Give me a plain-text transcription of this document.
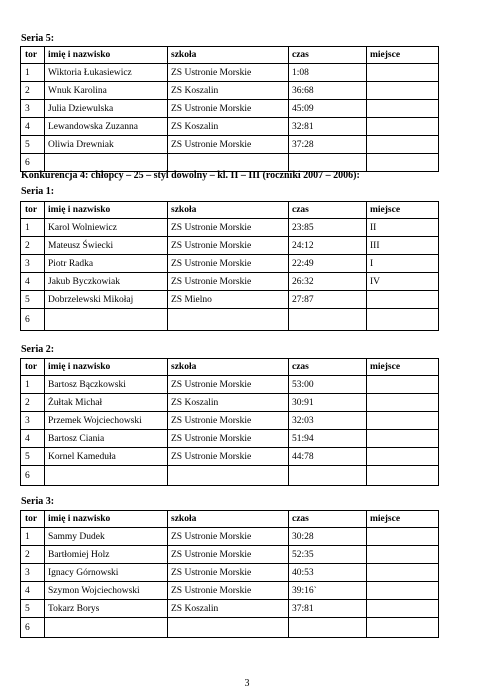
Seria 5:
tor	imię i nazwisko	szkoła	czas	miejsce
1	Wiktoria Łukasiewicz	ZS Ustronie Morskie	1:08	
2	Wnuk Karolina	ZS Koszalin	36:68	
3	Julia Dziewulska	ZS Ustronie Morskie	45:09	
4	Lewandowska Zuzanna	ZS Koszalin	32:81	
5	Oliwia Drewniak	ZS Ustronie Morskie	37:28	
6				
Konkurencja 4: chłopcy – 25 – styl dowolny – kl. II – III (roczniki 2007 – 2006):
Seria 1:
tor	imię i nazwisko	szkoła	czas	miejsce
1	Karol Wolniewicz	ZS Ustronie Morskie	23:85	II
2	Mateusz Świecki	ZS Ustronie Morskie	24:12	III
3	Piotr Radka	ZS Ustronie Morskie	22:49	I
4	Jakub Byczkowiak	ZS Ustronie Morskie	26:32	IV
5	Dobrzelewski Mikołaj	ZS Mielno	27:87	
6				
Seria 2:
tor	imię i nazwisko	szkoła	czas	miejsce
1	Bartosz Bączkowski	ZS Ustronie Morskie	53:00	
2	Żułtak Michał	ZS Koszalin	30:91	
3	Przemek Wojciechowski	ZS Ustronie Morskie	32:03	
4	Bartosz Ciania	ZS Ustronie Morskie	51:94	
5	Kornel Kameduła	ZS Ustronie Morskie	44:78	
6				
Seria 3:
tor	imię i nazwisko	szkoła	czas	miejsce
1	Sammy Dudek	ZS Ustronie Morskie	30:28	
2	Bartłomiej Holz	ZS Ustronie Morskie	52:35	
3	Ignacy Górnowski	ZS Ustronie Morskie	40:53	
4	Szymon Wojciechowski	ZS Ustronie Morskie	39:16`	
5	Tokarz Borys	ZS Koszalin	37:81	
6				
3
